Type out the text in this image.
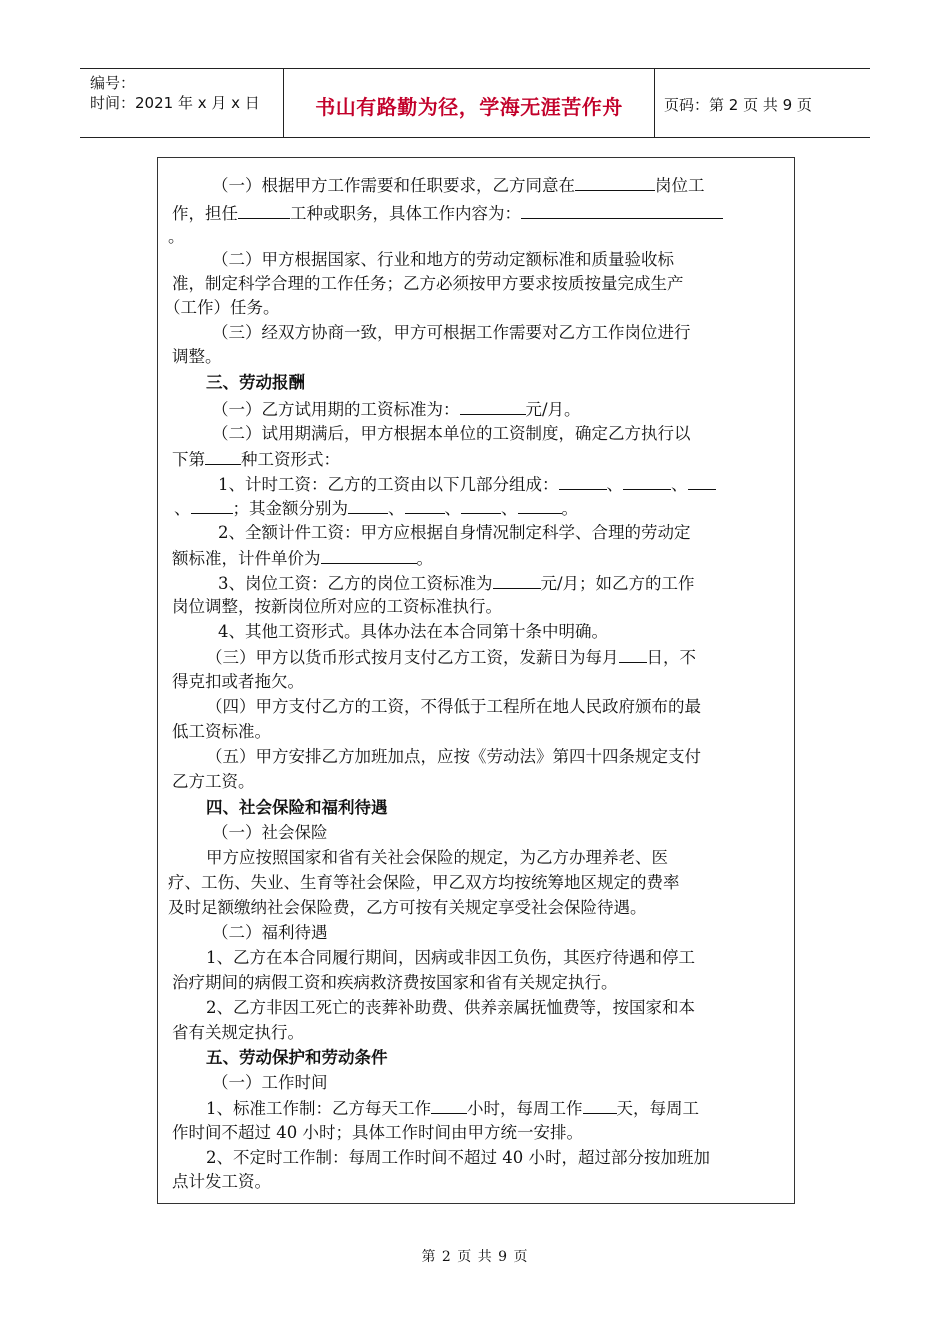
编号：
时间：2021 年 x 月 x 日	书山有路勤为径，学海无涯苦作舟	页码：第 2 页 共 9 页
（一）根据甲方工作需要和任职要求，乙方同意在	岗位工
作，担任	工种或职务，具体工作内容为：
。
（二）甲方根据国家、行业和地方的劳动定额标准和质量验收标
准，制定科学合理的工作任务；乙方必须按甲方要求按质按量完成生产
（工作）任务。
（三）经双方协商一致，甲方可根据工作需要对乙方工作岗位进行
调整。
三、劳动报酬
（一）乙方试用期的工资标准为：	元/月。
（二）试用期满后，甲方根据本单位的工资制度，确定乙方执行以
下第 种工资形式：
1、计时工资：乙方的工资由以下几部分组成：	、	、
、	；其金额分别为 、 、 、	。
2、全额计件工资：甲方应根据自身情况制定科学、合理的劳动定
额标准，计件单价为	。
3、岗位工资：乙方的岗位工资标准为	元/月；如乙方的工作
岗位调整，按新岗位所对应的工资标准执行。
4、其他工资形式。具体办法在本合同第十条中明确。
（三）甲方以货币形式按月支付乙方工资，发薪日为每月 日，不
得克扣或者拖欠。
（四）甲方支付乙方的工资，不得低于工程所在地人民政府颁布的最
低工资标准。
（五）甲方安排乙方加班加点，应按《劳动法》第四十四条规定支付
乙方工资。
四、社会保险和福利待遇
（一）社会保险
甲方应按照国家和省有关社会保险的规定，为乙方办理养老、医
疗、工伤、失业、生育等社会保险，甲乙双方均按统筹地区规定的费率
及时足额缴纳社会保险费，乙方可按有关规定享受社会保险待遇。
（二）福利待遇
1、乙方在本合同履行期间，因病或非因工负伤，其医疗待遇和停工
治疗期间的病假工资和疾病救济费按国家和省有关规定执行。
2、乙方非因工死亡的丧葬补助费、供养亲属抚恤费等，按国家和本
省有关规定执行。
五、劳动保护和劳动条件
（一）工作时间
1、标准工作制：乙方每天工作 小时，每周工作 天，每周工
作时间不超过 40 小时；具体工作时间由甲方统一安排。
2、不定时工作制：每周工作时间不超过 40 小时，超过部分按加班加
点计发工资。
第 2 页 共 9 页
